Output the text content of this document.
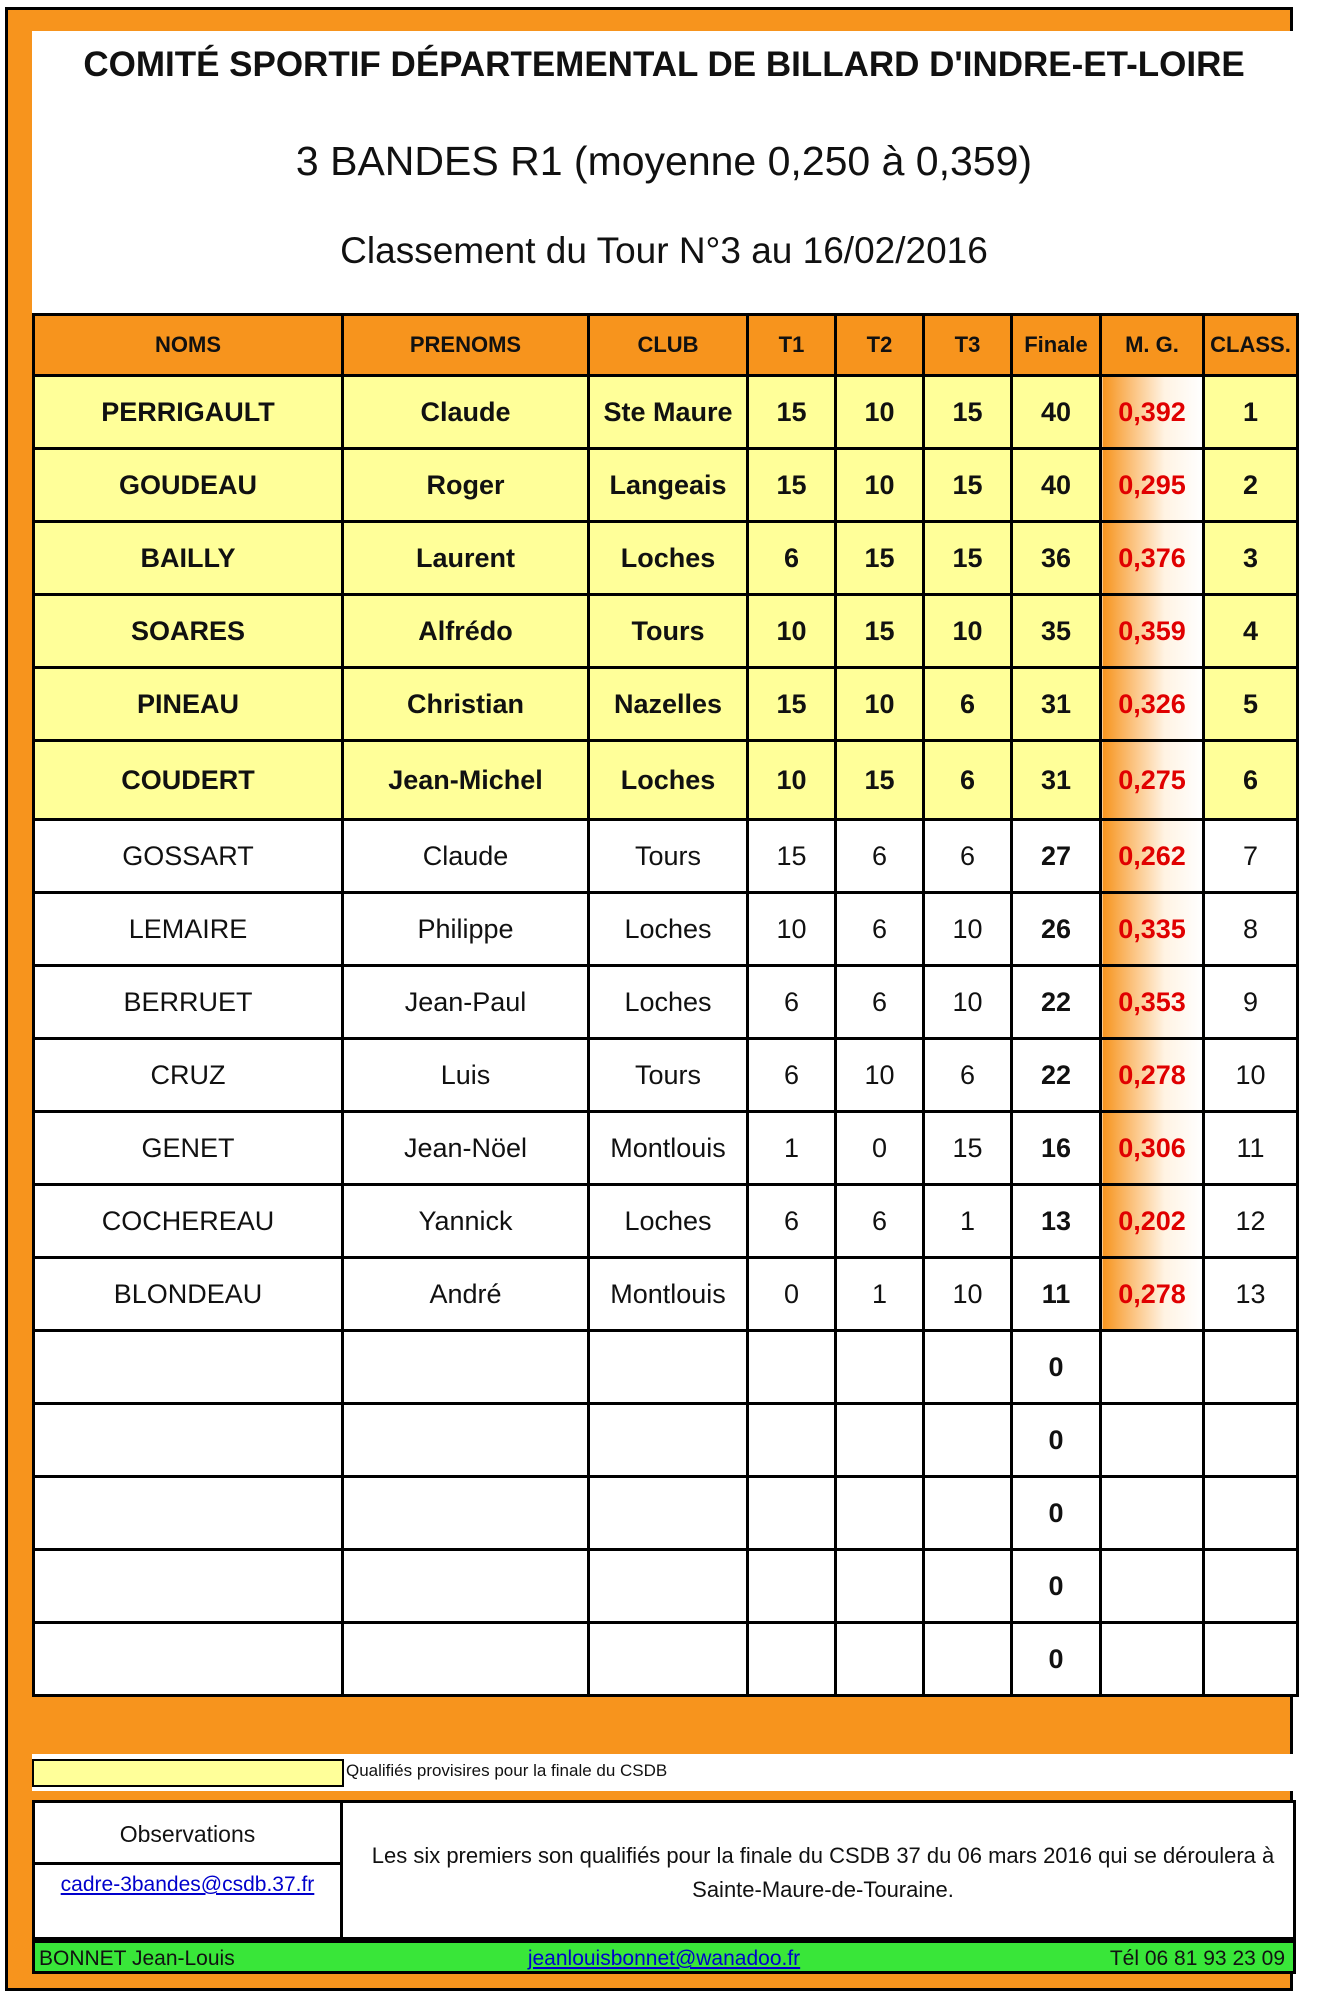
COMITÉ SPORTIF DÉPARTEMENTAL DE BILLARD D'INDRE-ET-LOIRE
3 BANDES R1 (moyenne 0,250 à 0,359)
Classement du Tour N°3 au 16/02/2016
NOMS	PRENOMS	CLUB	T1	T2	T3	Finale	M. G.	CLASS.
PERRIGAULT	Claude	Ste Maure	15	10	15	40	0,392	1
GOUDEAU	Roger	Langeais	15	10	15	40	0,295	2
BAILLY	Laurent	Loches	6	15	15	36	0,376	3
SOARES	Alfrédo	Tours	10	15	10	35	0,359	4
PINEAU	Christian	Nazelles	15	10	6	31	0,326	5
COUDERT	Jean-Michel	Loches	10	15	6	31	0,275	6
GOSSART	Claude	Tours	15	6	6	27	0,262	7
LEMAIRE	Philippe	Loches	10	6	10	26	0,335	8
BERRUET	Jean-Paul	Loches	6	6	10	22	0,353	9
CRUZ	Luis	Tours	6	10	6	22	0,278	10
GENET	Jean-Nöel	Montlouis	1	0	15	16	0,306	11
COCHEREAU	Yannick	Loches	6	6	1	13	0,202	12
BLONDEAU	André	Montlouis	0	1	10	11	0,278	13
						0		
						0		
						0		
						0		
						0		
Qualifiés provisires pour la finale du CSDB
Observations
cadre-3bandes@csdb.37.fr
Les six premiers son qualifiés pour la finale du CSDB 37 du 06 mars 2016 qui se déroulera à Sainte-Maure-de-Touraine.
jeanlouisbonnet@wanadoo.fr
BONNET Jean-Louis	Tél 06 81 93 23 09
